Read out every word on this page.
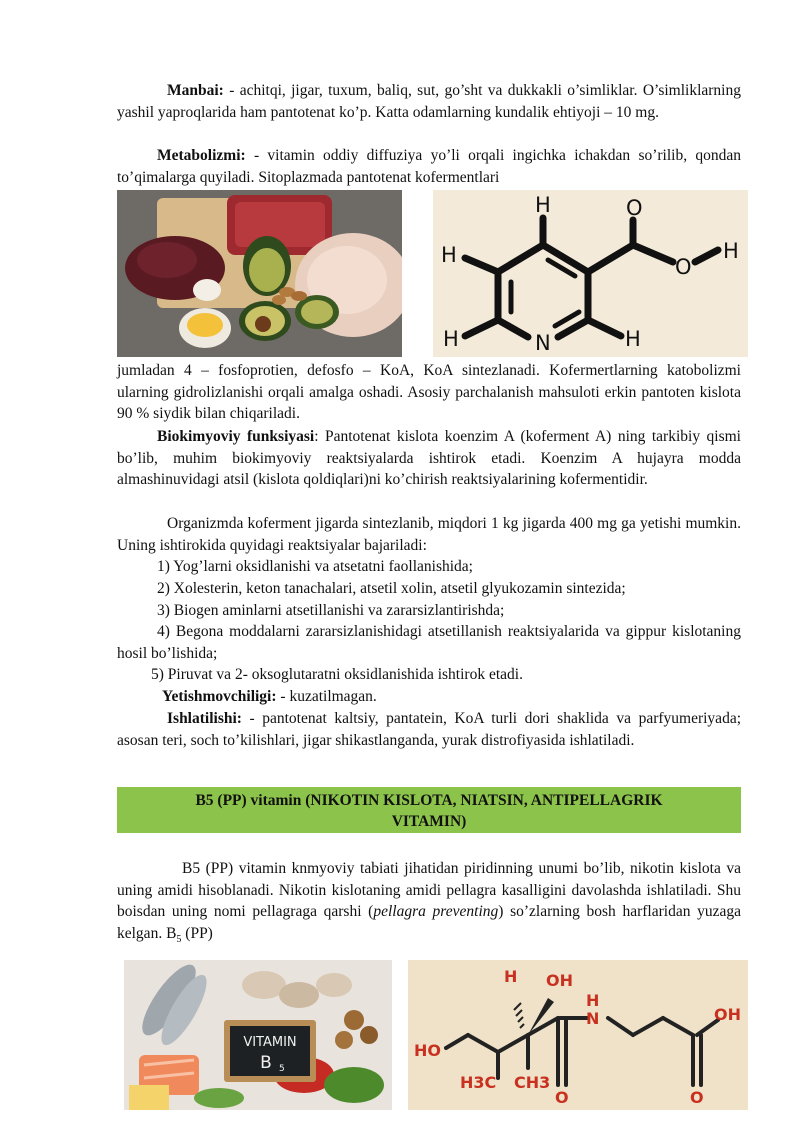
Manbai: - achitqi, jigar, tuxum, baliq, sut, go’sht va dukkakli o’simliklar. O’simliklarning yashil yaproqlarida ham pantotenat ko’p. Katta odamlarning kundalik ehtiyoji – 10 mg.

Metabolizmi: - vitamin oddiy diffuziya yo’li orqali ingichka ichakdan so’rilib, qondan to’qimalarga quyiladi. Sitoplazmada pantotenat kofermentlari

H	O
H	O
H
H	N	H

jumladan 4 – fosfoprotien, defosfo – KoA, KoA sintezlanadi. Kofermertlarning katobolizmi ularning gidrolizlanishi orqali amalga oshadi. Asosiy parchalanish mahsuloti erkin pantoten kislota 90 % siydik bilan chiqariladi.

Biokimyoviy funksiyasi: Pantotenat kislota koenzim A (koferment A) ning tarkibiy qismi bo’lib, muhim biokimyoviy reaktsiyalarda ishtirok etadi. Koenzim A hujayra modda almashinuvidagi atsil (kislota qoldiqlari)ni ko’chirish reaktsiyalarining kofermentidir.

Organizmda koferment jigarda sintezlanib, miqdori 1 kg jigarda 400 mg ga yetishi mumkin. Uning ishtirokida quyidagi reaktsiyalar bajariladi:

1) Yog’larni oksidlanishi va atsetatni faollanishida;

2) Xolesterin, keton tanachalari, atsetil xolin, atsetil glyukozamin sintezida;

3) Biogen aminlarni atsetillanishi va zararsizlantirishda;

4) Begona moddalarni zararsizlanishidagi atsetillanish reaktsiyalarida va gippur kislotaning hosil bo’lishida;

5) Piruvat va 2- oksoglutaratni oksidlanishida ishtirok etadi.

Yetishmovchiligi: - kuzatilmagan.

Ishlatilishi: - pantotenat kaltsiy, pantatein, KoA turli dori shaklida va parfyumeriyada; asosan teri, soch to’kilishlari, jigar shikastlanganda, yurak distrofiyasida ishlatiladi.

B5 (PP) vitamin (NIKOTIN KISLOTA, NIATSIN, ANTIPELLAGRIK
VITAMIN)

B5 (PP) vitamin knmyoviy tabiati jihatidan piridinning unumi bo’lib, nikotin kislota va uning amidi hisoblanadi. Nikotin kislotaning amidi pellagra kasalligini davolashda ishlatiladi. Shu boisdan uning nomi pellagraga qarshi (pellagra preventing) so’zlarning bosh harflaridan yuzaga kelgan. $B_5$ (PP)

VITAMIN
B 5
H OH
H
N	OH
HO
H3C CH3
O	O
